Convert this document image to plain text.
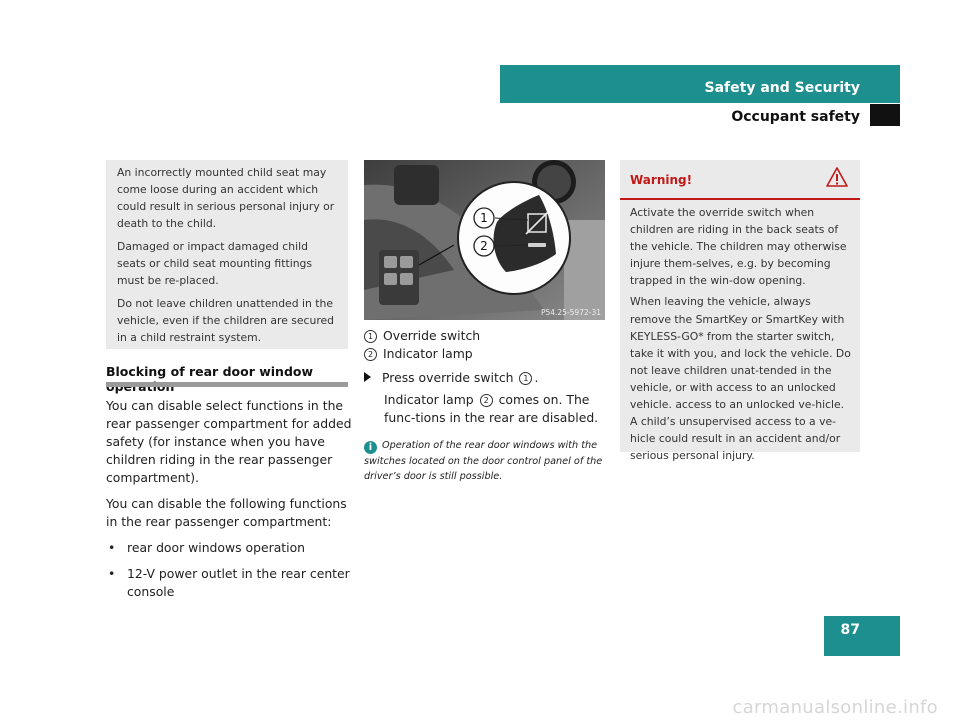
Safety and Security
Occupant safety

An incorrectly mounted child seat may come loose during an accident which could result in serious personal injury or death to the child.

Damaged or impact damaged child seats or child seat mounting fittings must be re-placed.

Do not leave children unattended in the vehicle, even if the children are secured in a child restraint system.

Blocking of rear door window

You can disable select functions in the rear passenger compartment for added safety (for instance when you have children riding in the rear passenger compartment).

You can disable the following functions in the rear passenger compartment:

• rear door windows operation
• 12-V power outlet in the rear center console
1
2
P54.25-5972-31
1 Override switch
2 Indicator lamp
Press override switch 1 .
Indicator lamp 2 comes on. The func-tions in the rear are disabled.
i Operation of the rear door windows with the switches located on the door control panel of the driver’s door is still possible.
Warning!

Activate the override switch when children are riding in the back seats of the vehicle. The children may otherwise injure them-selves, e.g. by becoming trapped in the win-dow opening.

When leaving the vehicle, always remove the SmartKey or SmartKey with KEYLESS-GO* from the starter switch, take it with you, and lock the vehicle. Do not leave children unat-tended in the vehicle, or with access to an unlocked vehicle. access to an unlocked ve-hicle. A child’s unsupervised access to a ve-hicle could result in an accident and/or serious personal injury.

87
carmanualsonline.info
